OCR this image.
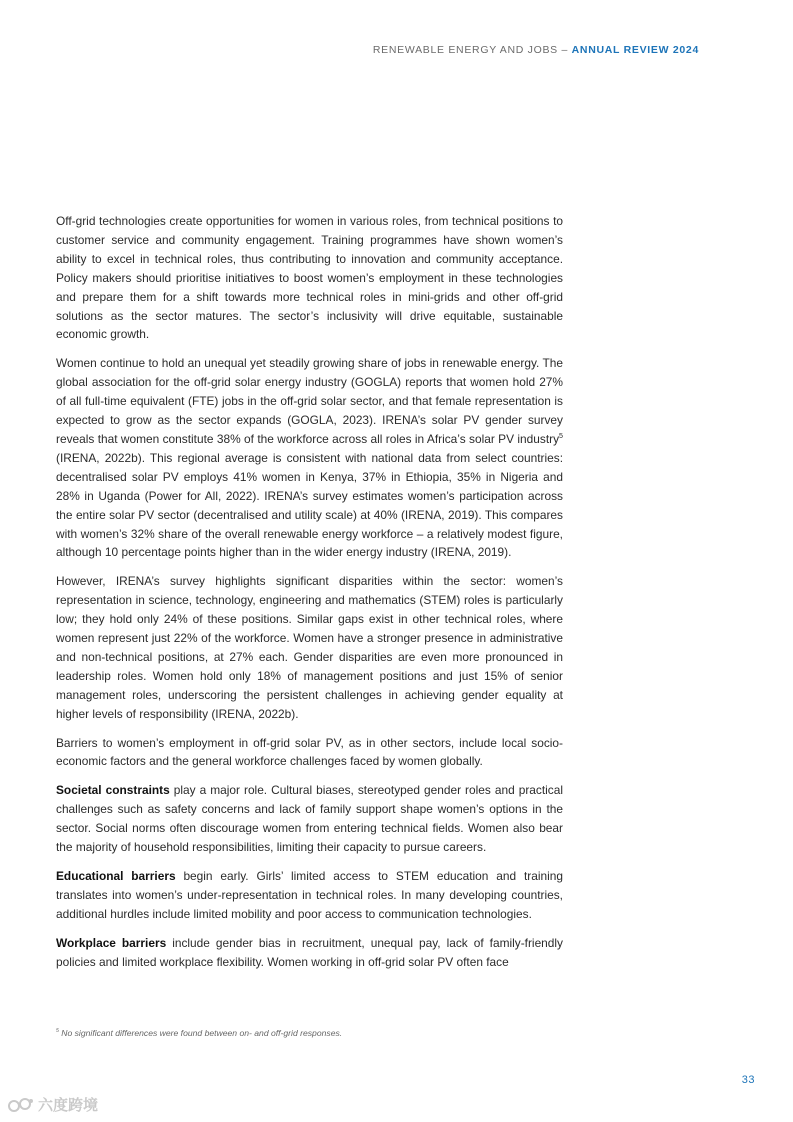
RENEWABLE ENERGY AND JOBS – ANNUAL REVIEW 2024

Off-grid technologies create opportunities for women in various roles, from technical positions to customer service and community engagement. Training programmes have shown women’s ability to excel in technical roles, thus contributing to innovation and community acceptance. Policy makers should prioritise initiatives to boost women’s employment in these technologies and prepare them for a shift towards more technical roles in mini-grids and other off-grid solutions as the sector matures. The sector’s inclusivity will drive equitable, sustainable economic growth.

Women continue to hold an unequal yet steadily growing share of jobs in renewable energy. The global association for the off-grid solar energy industry (GOGLA) reports that women hold 27% of all full-time equivalent (FTE) jobs in the off-grid solar sector, and that female representation is expected to grow as the sector expands (GOGLA, 2023). IRENA’s solar PV gender survey reveals that women constitute 38% of the workforce across all roles in Africa’s solar PV industry$^5$ (IRENA, 2022b). This regional average is consistent with national data from select countries: decentralised solar PV employs 41% women in Kenya, 37% in Ethiopia, 35% in Nigeria and 28% in Uganda (Power for All, 2022). IRENA’s survey estimates women’s participation across the entire solar PV sector (decentralised and utility scale) at 40% (IRENA, 2019). This compares with women’s 32% share of the overall renewable energy workforce – a relatively modest figure, although 10 percentage points higher than in the wider energy industry (IRENA, 2019).

However, IRENA’s survey highlights significant disparities within the sector: women’s representation in science, technology, engineering and mathematics (STEM) roles is particularly low; they hold only 24% of these positions. Similar gaps exist in other technical roles, where women represent just 22% of the workforce. Women have a stronger presence in administrative and non-technical positions, at 27% each. Gender disparities are even more pronounced in leadership roles. Women hold only 18% of management positions and just 15% of senior management roles, underscoring the persistent challenges in achieving gender equality at higher levels of responsibility (IRENA, 2022b).

Barriers to women’s employment in off-grid solar PV, as in other sectors, include local socio-economic factors and the general workforce challenges faced by women globally.

Societal constraints play a major role. Cultural biases, stereotyped gender roles and practical challenges such as safety concerns and lack of family support shape women’s options in the sector. Social norms often discourage women from entering technical fields. Women also bear the majority of household responsibilities, limiting their capacity to pursue careers.

Educational barriers begin early. Girls’ limited access to STEM education and training translates into women’s under-representation in technical roles. In many developing countries, additional hurdles include limited mobility and poor access to communication technologies.

Workplace barriers include gender bias in recruitment, unequal pay, lack of family-friendly policies and limited workplace flexibility. Women working in off-grid solar PV often face

$^5$ No significant differences were found between on- and off-grid responses.
33
六度跨境
